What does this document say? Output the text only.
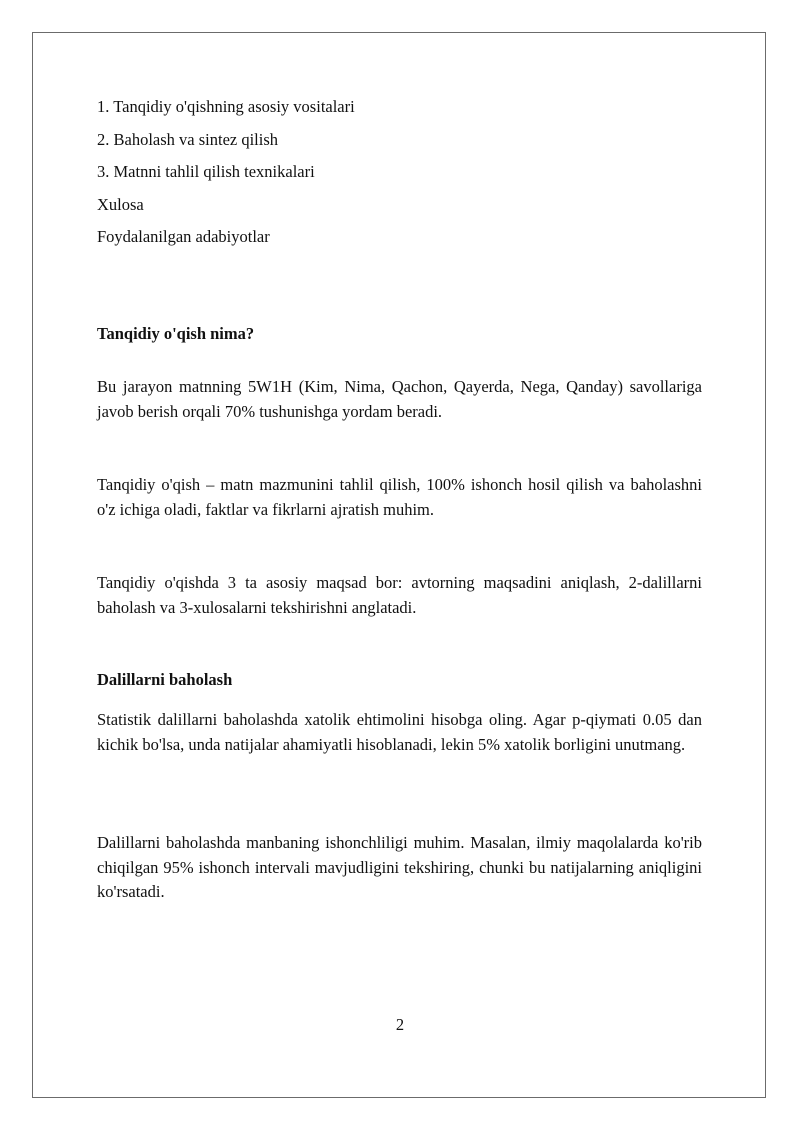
1. Tanqidiy o'qishning asosiy vositalari

2. Baholash va sintez qilish

3. Matnni tahlil qilish texnikalari

Xulosa

Foydalanilgan adabiyotlar

Tanqidiy o'qish nima?

Bu jarayon matnning 5W1H (Kim, Nima, Qachon, Qayerda, Nega, Qanday) savollariga javob berish orqali 70% tushunishga yordam beradi.

Tanqidiy o'qish – matn mazmunini tahlil qilish, 100% ishonch hosil qilish va baholashni o'z ichiga oladi, faktlar va fikrlarni ajratish muhim.

Tanqidiy o'qishda 3 ta asosiy maqsad bor: avtorning maqsadini aniqlash, 2-dalillarni baholash va 3-xulosalarni tekshirishni anglatadi.

Dalillarni baholash

Statistik dalillarni baholashda xatolik ehtimolini hisobga oling. Agar p-qiymati 0.05 dan kichik bo'lsa, unda natijalar ahamiyatli hisoblanadi, lekin 5% xatolik borligini unutmang.

Dalillarni baholashda manbaning ishonchliligi muhim. Masalan, ilmiy maqolalarda ko'rib chiqilgan 95% ishonch intervali mavjudligini tekshiring, chunki bu natijalarning aniqligini ko'rsatadi.

2
